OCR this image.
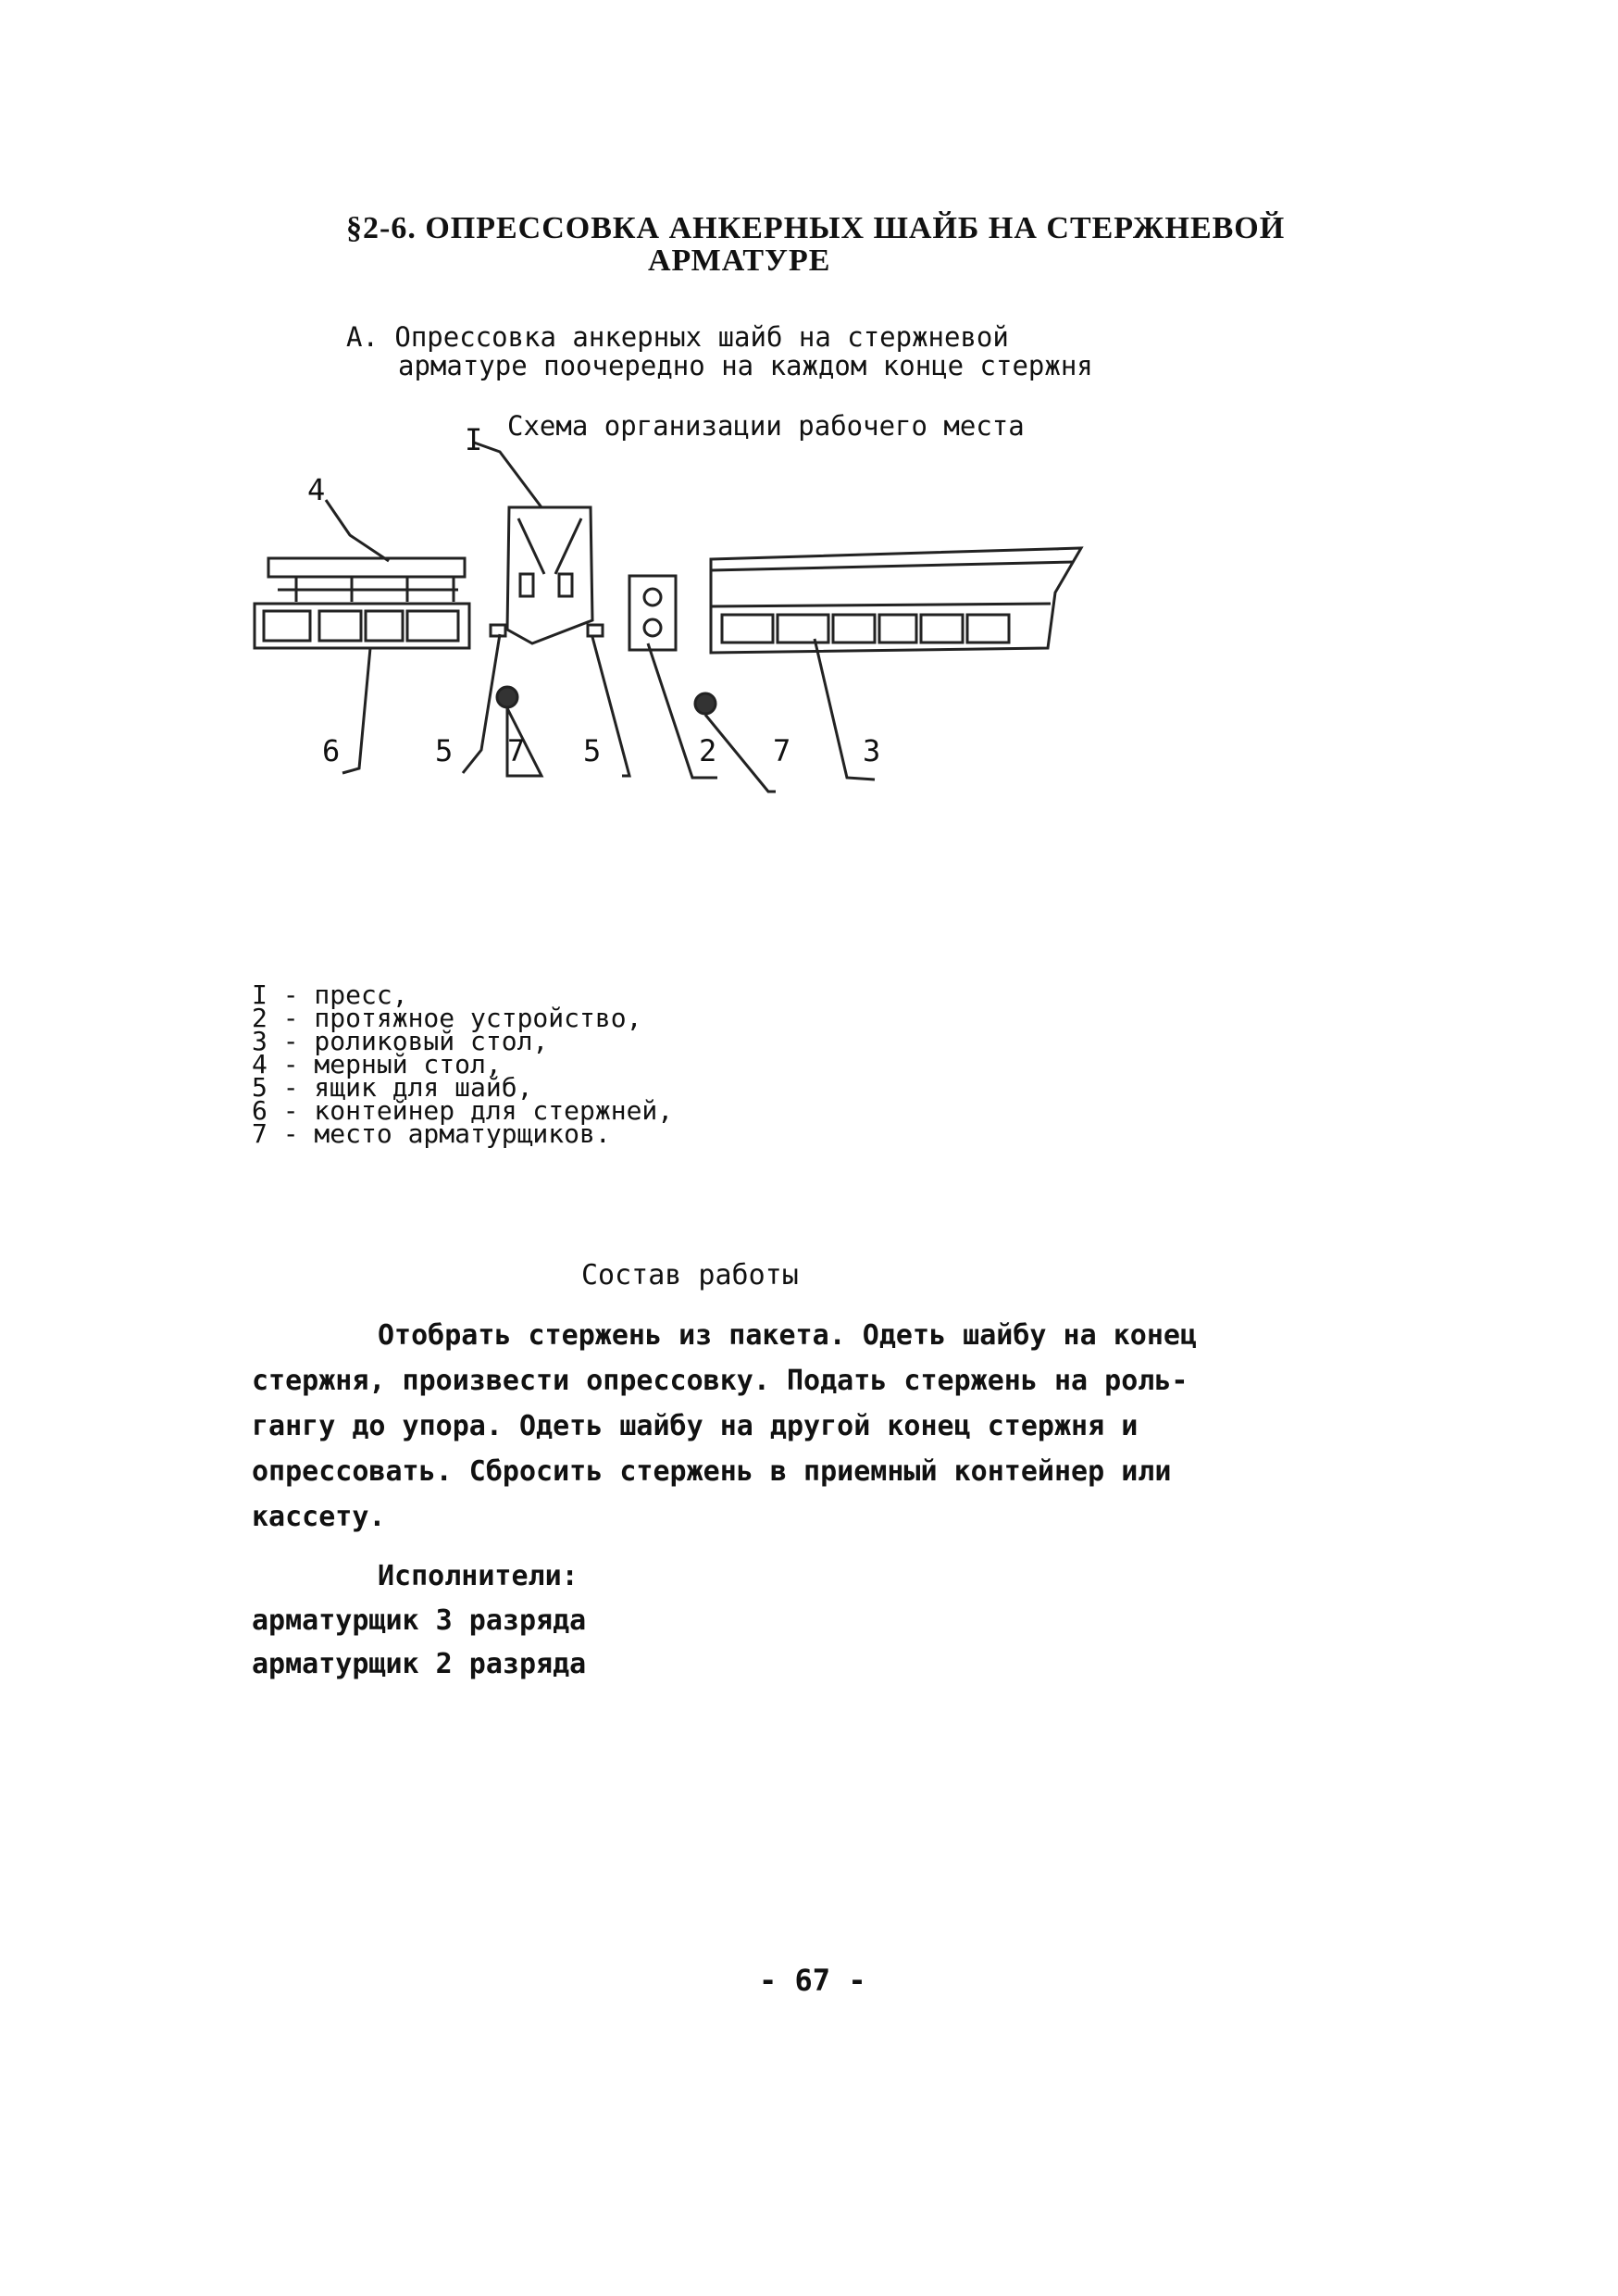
§2-6. ОПРЕССОВКА АНКЕРНЫХ ШАЙБ НА СТЕРЖНЕВОЙ
АРМАТУРЕ
А. Опрессовка анкерных шайб на стержневой
арматуре поочередно на каждом конце стержня
Схема организации рабочего места
I
4
6	5 7 5	2 7 3
I - пресс,
2 - протяжное устройство,
3 - роликовый стол,
4 - мерный стол,
5 - ящик для шайб,
6 - контейнер для стержней,
7 - место арматурщиков.
Состав работы
Отобрать стержень из пакета. Одеть шайбу на конец
стержня, произвести опрессовку. Подать стержень на роль-
гангу до упора. Одеть шайбу на другой конец стержня и
опрессовать. Сбросить стержень в приемный контейнер или
кассету.
Исполнители:
арматурщик 3 разряда
арматурщик 2 разряда
- 67 -
